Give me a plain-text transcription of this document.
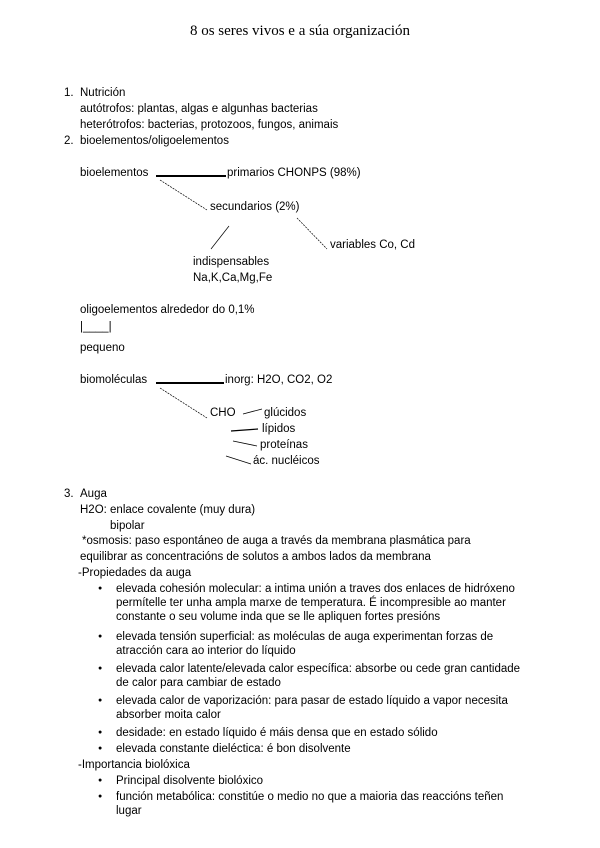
8 os seres vivos e a súa organización
1. Nutrición
autótrofos: plantas, algas e algunhas bacterias
heterótrofos: bacterias, protozoos, fungos, animais
2. bioelementos/oligoelementos
bioelementos	primarios CHONPS (98%)
secundarios (2%)
variables Co, Cd
indispensables
Na,K,Ca,Mg,Fe
oligoelementos alrededor do 0,1%
|____|
pequeno
biomoléculas	inorg: H2O, CO2, O2
CHO glúcidos
lípidos
proteínas
ác. nucléicos
3. Auga
H2O: enlace covalente (muy dura)
bipolar
*osmosis: paso espontáneo de auga a través da membrana plasmática para
equilibrar as concentracións de solutos a ambos lados da membrana
-Propiedades da auga
● elevada cohesión molecular: a intima unión a traves dos enlaces de hidróxeno permítelle ter unha ampla marxe de temperatura. É incompresible ao manter constante o seu volume inda que se lle apliquen fortes presións
● elevada tensión superficial: as moléculas de auga experimentan forzas de atracción cara ao interior do líquido
● elevada calor latente/elevada calor específica: absorbe ou cede gran cantidade de calor para cambiar de estado
● elevada calor de vaporización: para pasar de estado líquido a vapor necesita absorber moita calor
● desidade: en estado líquido é máis densa que en estado sólido
● elevada constante dieléctica: é bon disolvente
-Importancia biolóxica
● Principal disolvente biolóxico
● función metabólica: constitúe o medio no que a maioria das reaccións teñen lugar
